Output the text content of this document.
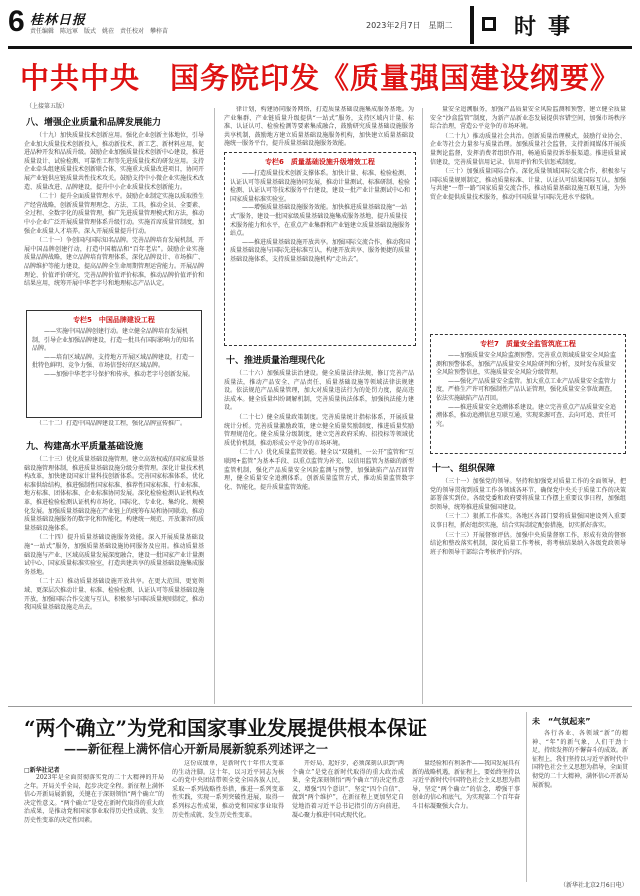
6 桂林日报
责任编辑　陈远軍　版式　姚莅　责任校对　攀梓苗
2023年2月7日　星期二	时事
中共中央　国务院印发《质量强国建设纲要》
（上接第五版）
八、增强企业质量和品牌发展能力

（十九）加快质量技术创新应用。强化企业创新主体地位，引导企业加大质量技术创新投入，推动新技术、新工艺、新材料应用，促进品种开发和品质升级。鼓励企业加强质量技术创新中心建设，推进质量设计、试验检测、可靠性工程等先进质量技术的研发应用。支持企业牵头组建质量技术创新联合体，实施重大质量改进项目，协同开展产业链供应链质量共性技术攻关。鼓励支持中小微企业实施技术改造、质量改进、品牌建设，提升中小企业质量技术创新能力。

（二十）提升全面质量管理水平。鼓励企业制定实施以质取胜生产经营战略，创新质量管理理念、方法、工具，推动全员、全要素、全过程、全数字化的质量管理，推广先进质量管理模式和方法，推动中小企业广泛开展质量管理体系升级行动。实施首席质量官制度，加强企业质量人才培养。深入开展质量提升行动。

（二十一）争创国内国际知名品牌。完善品牌培育发展机制，开展中国品牌创建行动，打造中国精品和“百年老店”。鼓励企业实施质量品牌战略，建立品牌培育管理体系，深化品牌设计、市场推广、品牌维护等能力建设，提高品牌全生命周期管理运营能力。开展品牌理论、价值评价研究，完善品牌价值评价标准，推动品牌价值评价和结果应用，统筹开展中华老字号和地理标志产品认定。

专栏5　中国品牌建设工程

——实施中国品牌创建行动。建立健全品牌培育发展机制，引导企业加强品牌建设，打造一批具有国际影响力的知名品牌。

——培育区域品牌。支持地方开展区域品牌建设，打造一批特色鲜明、竞争力强、市场信誉好的区域品牌。

——加强中华老字号保护和传承，推动老字号创新发展。

（二十二）打造中国品牌建设工程，强化品牌宣传推广。

九、构建高水平质量基础设施

（二十三）优化质量基础设施管理。建立高效权威的国家质量基础设施管理体制，推进质量基础设施分级分类管理。深化计量技术机构改革，加快建设国家计量科技创新体系。完善国家标准体系，优化标准供给结构，推进强制性国家标准、推荐性国家标准、行业标准、地方标准、团体标准、企业标准协同发展。深化检验检测认证机构改革，推进检验检测认证机构市场化、国际化、专业化、集约化、规模化发展。加强质量基础设施在产业链上的统筹布局和协同联动，推动质量基础设施服务的数字化和智能化，构建统一规范、开放兼容的质量基础设施体系。

（二十四）提升质量基础设施服务效能。深入开展质量基础设施“一站式”服务，加强质量基础设施协同服务及应用。推动质量基础设施与产业、区域高质量发展深度融合，建设一批国家产业计量测试中心、国家质量标准实验室，打造共建共享的质量基础设施集成服务基地。

（二十五）推动质量基础设施开放共享。在更大范围、更宽领域、更深层次推动计量、标准、检验检测、认证认可等质量基础设施开放，加强国际合作交流与互认，积极参与国际质量规则制定，推动我国质量基础设施走出去。

律计划，构建协同服务网络，打造质量基础设施集成服务基地。为产业集群、产业链质量升级提供“一站式”服务，支持区域内计量、标准、认证认可、检验检测等要素集成融合，鼓励研究质量基础设施服务共享机制，鼓励地方建立质量基础设施服务机构，加快建立质量基础设施统一服务平台，提升质量基础设施服务效能。

专栏6　质量基础设施升级增效工程

——打造质量技术创新支撑体系。加快计量、标准、检验检测、认证认可等质量基础设施协同发展，推动计量测试、标准研制、检验检测、认证认可等技术服务平台建设，建设一批产业计量测试中心和国家质量标准实验室。

——增强质量基础设施服务效能。加快推进质量基础设施“一站式”服务，建设一批国家级质量基础设施集成服务基地，提升质量技术服务能力和水平，在重点产业集群和产业链建立质量基础设施服务站点。

——推进质量基础设施开放共享。加强国际交流合作，推动我国质量基础设施与国际先进标准互认，构建开放共享、服务便捷的质量基础设施体系，支持质量基础设施机构“走出去”。

十、推进质量治理现代化

（二十六）加强质量法治建设。健全质量法律法规，修订完善产品质量法，推动产品安全、产品责任、质量基础设施等领域法律法规建设。依法规范产品质量管理，加大对质量违法行为的处罚力度，提高违法成本。健全质量纠纷调解机制，完善质量执法体系，加强执法能力建设。

（二十七）健全质量政策制度。完善质量统计指标体系，开展质量统计分析。完善质量激励政策，建立健全质量奖励制度，推进质量奖励管理规范化。健全质量分级制度，建立完善政府采购、招投标等领域优质优价机制，推动形成公平竞争的市场环境。

（二十八）优化质量监管效能。健全以“双随机、一公开”监管和“互联网+监管”为基本手段、以重点监管为补充、以信用监管为基础的新型监管机制，强化产品质量安全风险监测与预警，加强缺陷产品召回管理，健全质量安全追溯体系。创新质量监管方式，推动质量监管数字化、智能化，提升质量监管效能。

量安全追溯服务，加强产品质量安全风险监测和预警，建立健全质量安全“沙盒监管”制度，为新产品新业态发展提供容错空间，加强市场秩序综合治理，营造公平竞争的市场环境。

（二十九）推动质量社会共治。创新质量治理模式，鼓励行业协会、企业等社会力量参与质量治理。加强质量社会监督，支持新闻媒体开展质量舆论监督，发挥消费者组织作用，畅通质量投诉举报渠道。推进质量诚信建设，完善质量信用记录、信用评价和失信惩戒制度。

（三十）加强质量国际合作。深化质量领域国际交流合作，积极参与国际质量规则制定，推动质量标准、计量、认证认可结果国际互认。加强与共建“一带一路”国家质量交流合作，推动质量基础设施互联互通，为外贸企业提供质量技术服务，推动中国质量与国际先进水平接轨。

专栏7　质量安全监管筑底工程

——加强质量安全风险监测预警。完善重点领域质量安全风险监测和预警体系，加强产品质量安全风险研判和分析，及时发布质量安全风险预警信息，实施质量安全风险分级管理。

——强化产品质量安全监管。加大重点工业产品质量安全监管力度，严格生产许可和强制性产品认证管理，强化质量安全事故调查，依法实施缺陷产品召回。

——推进质量安全追溯体系建设。建立完善重点产品质量安全追溯体系，推动追溯信息互联互通，实现来源可查、去向可追、责任可究。

十一、组织保障

（三十一）加强党的领导。坚持和加强党对质量工作的全面领导，把党的领导贯彻到质量工作各领域各环节，确保党中央关于质量工作的决策部署落实到位。各级党委和政府要将质量工作摆上重要议事日程，加强组织领导，统筹推进质量强国建设。

（三十二）狠抓工作落实。各地区各部门要将质量强国建设列入重要议事日程，抓好组织实施，结合实际制定配套措施，切实抓好落实。

（三十三）开展督察评估。加强中央质量督察工作，形成有效的督察结论和整改落实机制，深化质量工作考核，将考核结果纳入各级党政领导班子和领导干部综合考核评价内容。

“两个确立”为党和国家事业发展提供根本保证
——新征程上满怀信心开新局展新貌系列述评之一
□新华社记者

2023年是全面贯彻落实党的二十大精神的开局之年。开局关乎全局，起步决定全程。新征程上满怀信心开新局展新貌，关键在于深刻领悟“两个确立”的决定性意义。“两个确立”是党在新时代取得的重大政治成果，是推动党和国家事业取得历史性成就、发生历史性变革的决定性因素。

这份成绩单，是新时代十年伟大变革的生动注脚。这十年，以习近平同志为核心的党中央团结带领全党全国各族人民，采取一系列战略性举措，推进一系列变革性实践，实现一系列突破性进展，取得一系列标志性成果，推动党和国家事业取得历史性成就、发生历史性变革。

开好局、起好步，必须深刻认识到“两个确立”是党在新时代取得的重大政治成果，全党深刻领悟“两个确立”的决定性意义，增强“四个意识”、坚定“四个自信”、做到“两个维护”，在新征程上更加坚定自觉地沿着习近平总书记指引的方向前进，凝心聚力推进中国式现代化。

量经验和有利条件——我国发展具有新的战略机遇，新征程上，要始终坚持以习近平新时代中国特色社会主义思想为指导，坚定“两个确立”的信念，增强干事创业的信心和底气，为实现第二个百年奋斗目标凝聚强大合力。

未　“气氛起来”

各行各业、各领域“新”的精神、“年”的新气象，人们干劲十足，持续发挥的不懈奋斗的成效。新征程上，我们坚持以习近平新时代中国特色社会主义思想为指导，全面贯彻党的二十大精神，满怀信心开新局展新貌。

（新华社北京2月6日电）
